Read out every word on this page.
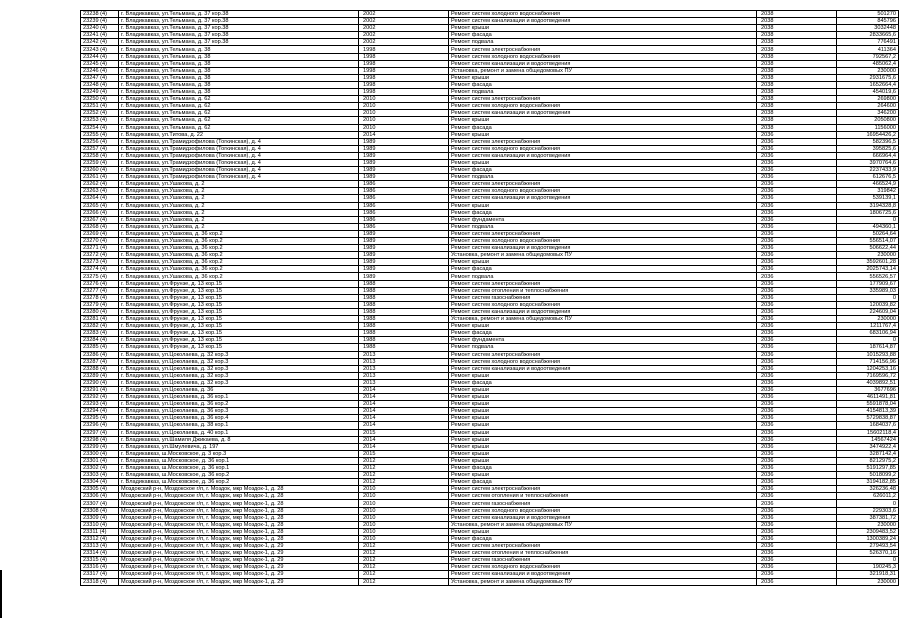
23238 (4)	г. Владикавказ, ул.Тельмана, д. 37 кор.38	2002	Ремонт систем холодного водоснабжения	2038	501270
23239 (4)	г. Владикавказ, ул.Тельмана, д. 37 кор.38	2002	Ремонт систем канализации и водоотведения	2038	845796
23240 (4)	г. Владикавказ, ул.Тельмана, д. 37 кор.38	2002	Ремонт крыши	2038	3032448
23241 (4)	г. Владикавказ, ул.Тельмана, д. 37 кор.38	2002	Ремонт фасада	2038	2833665,6
23242 (4)	г. Владикавказ, ул.Тельмана, д. 37 кор.38	2002	Ремонт подвала	2038	776491
23243 (4)	г. Владикавказ, ул.Тельмана, д. 38	1998	Ремонт систем электроснабжения	2038	411364
23244 (4)	г. Владикавказ, ул.Тельмана, д. 38	1998	Ремонт систем холодного водоснабжения	2038	792567,2
23245 (4)	г. Владикавказ, ул.Тельмана, д. 38	1998	Ремонт систем канализации и водоотведения	2038	485062,4
23246 (4)	г. Владикавказ, ул.Тельмана, д. 38	1998	Установка, ремонт и замена общедомовых ПУ	2038	230000
23247 (4)	г. Владикавказ, ул.Тельмана, д. 38	1998	Ремонт крыши	2038	2931675,6
23248 (4)	г. Владикавказ, ул.Тельмана, д. 38	1998	Ремонт фасада	2038	1652664,4
23249 (4)	г. Владикавказ, ул.Тельмана, д. 38	1998	Ремонт подвала	2038	454019,6
23250 (4)	г. Владикавказ, ул.Тельмана, д. 62	2010	Ремонт систем электроснабжения	2038	269800
23251 (4)	г. Владикавказ, ул.Тельмана, д. 62	2010	Ремонт систем холодного водоснабжения	2038	264600
23252 (4)	г. Владикавказ, ул.Тельмана, д. 62	2010	Ремонт систем канализации и водоотведения	2038	346200
23253 (4)	г. Владикавказ, ул.Тельмана, д. 62	2010	Ремонт крыши	2038	2050800
23254 (4)	г. Владикавказ, ул.Тельмана, д. 62	2010	Ремонт фасада	2038	1156000
23255 (4)	г. Владикавказ, ул.Титова, д. 22	2014	Ремонт крыши	2036	16954426,2
23256 (4)	г. Владикавказ, ул.Трамидзофилова (Тогкинская), д. 4	1989	Ремонт систем электроснабжения	2036	582396,5
23257 (4)	г. Владикавказ, ул.Трамидзофилова (Тогкинская), д. 4	1989	Ремонт систем холодного водоснабжения	2036	395825,6
23258 (4)	г. Владикавказ, ул.Трамидзофилова (Тогкинская), д. 4	1989	Ремонт систем канализации и водоотведения	2036	666964,4
23259 (4)	г. Владикавказ, ул.Трамидзофилова (Тогкинская), д. 4	1989	Ремонт крыши	2036	3970764,6
23260 (4)	г. Владикавказ, ул.Трамидзофилова (Тогкинская), д. 4	1989	Ремонт фасада	2036	2237433,9
23261 (4)	г. Владикавказ, ул.Трамидзофилова (Тогкинская), д. 4	1989	Ремонт подвала	2036	612676,5
23262 (4)	г. Владикавказ, ул.Ушакова, д. 2	1986	Ремонт систем электроснабжения	2036	466524,9
23263 (4)	г. Владикавказ, ул.Ушакова, д. 2	1986	Ремонт систем холодного водоснабжения	2036	319842
23264 (4)	г. Владикавказ, ул.Ушакова, д. 2	1986	Ремонт систем канализации и водоотведения	2036	539139,1
23265 (4)	г. Владикавказ, ул.Ушакова, д. 2	1986	Ремонт крыши	2036	3194328,8
23266 (4)	г. Владикавказ, ул.Ушакова, д. 2	1986	Ремонт фасада	2036	1806725,6
23267 (4)	г. Владикавказ, ул.Ушакова, д. 2	1986	Ремонт фундамента	2036	0
23268 (4)	г. Владикавказ, ул.Ушакова, д. 2	1986	Ремонт подвала	2036	494360,1
23269 (4)	г. Владикавказ, ул.Ушакова, д. 36 кор.2	1989	Ремонт систем электроснабжения	2036	50264,64
23270 (4)	г. Владикавказ, ул.Ушакова, д. 36 кор.2	1989	Ремонт систем холодного водоснабжения	2036	556514,07
23271 (4)	г. Владикавказ, ул.Ушакова, д. 36 кор.2	1989	Ремонт систем канализации и водоотведения	2036	506622,44
23272 (4)	г. Владикавказ, ул.Ушакова, д. 36 кор.2	1989	Установка, ремонт и замена общедомовых ПУ	2036	230000
23273 (4)	г. Владикавказ, ул.Ушакова, д. 36 кор.2	1989	Ремонт крыши	2036	3592601,28
23274 (4)	г. Владикавказ, ул.Ушакова, д. 36 кор.2	1989	Ремонт фасада	2036	2025743,14
23275 (4)	г. Владикавказ, ул.Ушакова, д. 36 кор.2	1989	Ремонт подвала	2036	556526,57
23276 (4)	г. Владикавказ, ул.Фрунзе, д. 13 кор.15	1988	Ремонт систем электроснабжения	2036	177909,67
23277 (4)	г. Владикавказ, ул.Фрунзе, д. 13 кор.15	1988	Ремонт систем отопления и теплоснабжения	2036	335989,03
23278 (4)	г. Владикавказ, ул.Фрунзе, д. 13 кор.15	1988	Ремонт систем газоснабжения	2036	0
23279 (4)	г. Владикавказ, ул.Фрунзе, д. 13 кор.15	1988	Ремонт систем холодного водоснабжения	2036	120039,82
23280 (4)	г. Владикавказ, ул.Фрунзе, д. 13 кор.15	1988	Ремонт систем канализации и водоотведения	2036	224609,04
23281 (4)	г. Владикавказ, ул.Фрунзе, д. 13 кор.15	1988	Установка, ремонт и замена общедомовых ПУ	2036	230000
23282 (4)	г. Владикавказ, ул.Фрунзе, д. 13 кор.15	1988	Ремонт крыши	2036	1211767,4
23283 (4)	г. Владикавказ, ул.Фрунзе, д. 13 кор.15	1988	Ремонт фасада	2036	683106,94
23284 (4)	г. Владикавказ, ул.Фрунзе, д. 13 кор.15	1988	Ремонт фундамента	2036	0
23285 (4)	г. Владикавказ, ул.Фрунзе, д. 13 кор.15	1988	Ремонт подвала	2036	187614,87
23286 (4)	г. Владикавказ, ул.Цоколаева, д. 32 кор.3	2013	Ремонт систем электроснабжения	2036	1015293,88
23287 (4)	г. Владикавказ, ул.Цоколаева, д. 32 кор.3	2013	Ремонт систем холодного водоснабжения	2036	714156,96
23288 (4)	г. Владикавказ, ул.Цоколаева, д. 32 кор.3	2013	Ремонт систем канализации и водоотведения	2036	1204253,16
23289 (4)	г. Владикавказ, ул.Цоколаева, д. 32 кор.3	2013	Ремонт крыши	2036	7169596,72
23290 (4)	г. Владикавказ, ул.Цоколаева, д. 32 кор.3	2013	Ремонт фасада	2036	4039892,51
23291 (4)	г. Владикавказ, ул.Цоколаева, д. 36	2014	Ремонт крыши	2036	3677696
23292 (4)	г. Владикавказ, ул.Цоколаева, д. 36 кор.1	2014	Ремонт крыши	2036	4611491,81
23293 (4)	г. Владикавказ, ул.Цоколаева, д. 36 кор.2	2014	Ремонт крыши	2036	5591878,04
23294 (4)	г. Владикавказ, ул.Цоколаева, д. 36 кор.3	2014	Ремонт крыши	2036	4154813,39
23295 (4)	г. Владикавказ, ул.Цоколаева, д. 36 кор.4	2014	Ремонт крыши	2036	5729838,87
23296 (4)	г. Владикавказ, ул.Цоколаева, д. 38 кор.1	2014	Ремонт крыши	2036	1684037,6
23297 (4)	г. Владикавказ, ул.Цоколаева, д. 40 кор.1	2015	Ремонт крыши	2036	15602118,4
23298 (4)	г. Владикавказ, ул.Шамиля Джикаева, д. 8	2014	Ремонт крыши	2036	14567424
23299 (4)	г. Владикавказ, ул.Шмулевича, д. 197	2014	Ремонт крыши	2036	3474922,4
23300 (4)	г. Владикавказ, ш.Московское, д. 3 кор.3	2015	Ремонт крыши	2036	3287142,4
23301 (4)	г. Владикавказ, ш.Московское, д. 36 кор.1	2012	Ремонт крыши	2036	8212975,2
23302 (4)	г. Владикавказ, ш.Московское, д. 36 кор.1	2012	Ремонт фасада	2036	5191297,85
23303 (4)	г. Владикавказ, ш.Московское, д. 36 кор.2	2012	Ремонт крыши	2036	5018099,2
23304 (4)	г. Владикавказ, ш.Московское, д. 36 кор.2	2012	Ремонт фасада	2036	3194182,85
23305 (4)	Моздокский р-н, Моздокское г/п, г. Моздок, мкр Моздок-1, д. 28	2010	Ремонт систем электроснабжения	2036	326236,48
23306 (4)	Моздокский р-н, Моздокское г/п, г. Моздок, мкр Моздок-1, д. 28	2010	Ремонт систем отопления и теплоснабжения	2036	626011,2
23307 (4)	Моздокский р-н, Моздокское г/п, г. Моздок, мкр Моздок-1, д. 28	2010	Ремонт систем газоснабжения	2036	0
23308 (4)	Моздокский р-н, Моздокское г/п, г. Моздок, мкр Моздок-1, д. 28	2010	Ремонт систем холодного водоснабжения	2036	229303,6
23309 (4)	Моздокский р-н, Моздокское г/п, г. Моздок, мкр Моздок-1, д. 28	2010	Ремонт систем канализации и водоотведения	2036	387381,72
23310 (4)	Моздокский р-н, Моздокское г/п, г. Моздок, мкр Моздок-1, д. 28	2010	Установка, ремонт и замена общедомовых ПУ	2036	230000
23311 (4)	Моздокский р-н, Моздокское г/п, г. Моздок, мкр Моздок-1, д. 28	2010	Ремонт крыши	2036	2309483,52
23312 (4)	Моздокский р-н, Моздокское г/п, г. Моздок, мкр Моздок-1, д. 28	2010	Ремонт фасада	2036	1300389,24
23313 (4)	Моздокский р-н, Моздокское г/п, г. Моздок, мкр Моздок-1, д. 29	2012	Ремонт систем электроснабжения	2036	279493,54
23314 (4)	Моздокский р-н, Моздокское г/п, г. Моздок, мкр Моздок-1, д. 29	2012	Ремонт систем отопления и теплоснабжения	2036	526370,16
23315 (4)	Моздокский р-н, Моздокское г/п, г. Моздок, мкр Моздок-1, д. 29	2012	Ремонт систем газоснабжения	2036	0
23316 (4)	Моздокский р-н, Моздокское г/п, г. Моздок, мкр Моздок-1, д. 29	2012	Ремонт систем холодного водоснабжения	2036	190245,3
23317 (4)	Моздокский р-н, Моздокское г/п, г. Моздок, мкр Моздок-1, д. 29	2012	Ремонт систем канализации и водоотведения	2036	321918,31
23318 (4)	Моздокский р-н, Моздокское г/п, г. Моздок, мкр Моздок-1, д. 29	2012	Установка, ремонт и замена общедомовых ПУ	2036	230000
